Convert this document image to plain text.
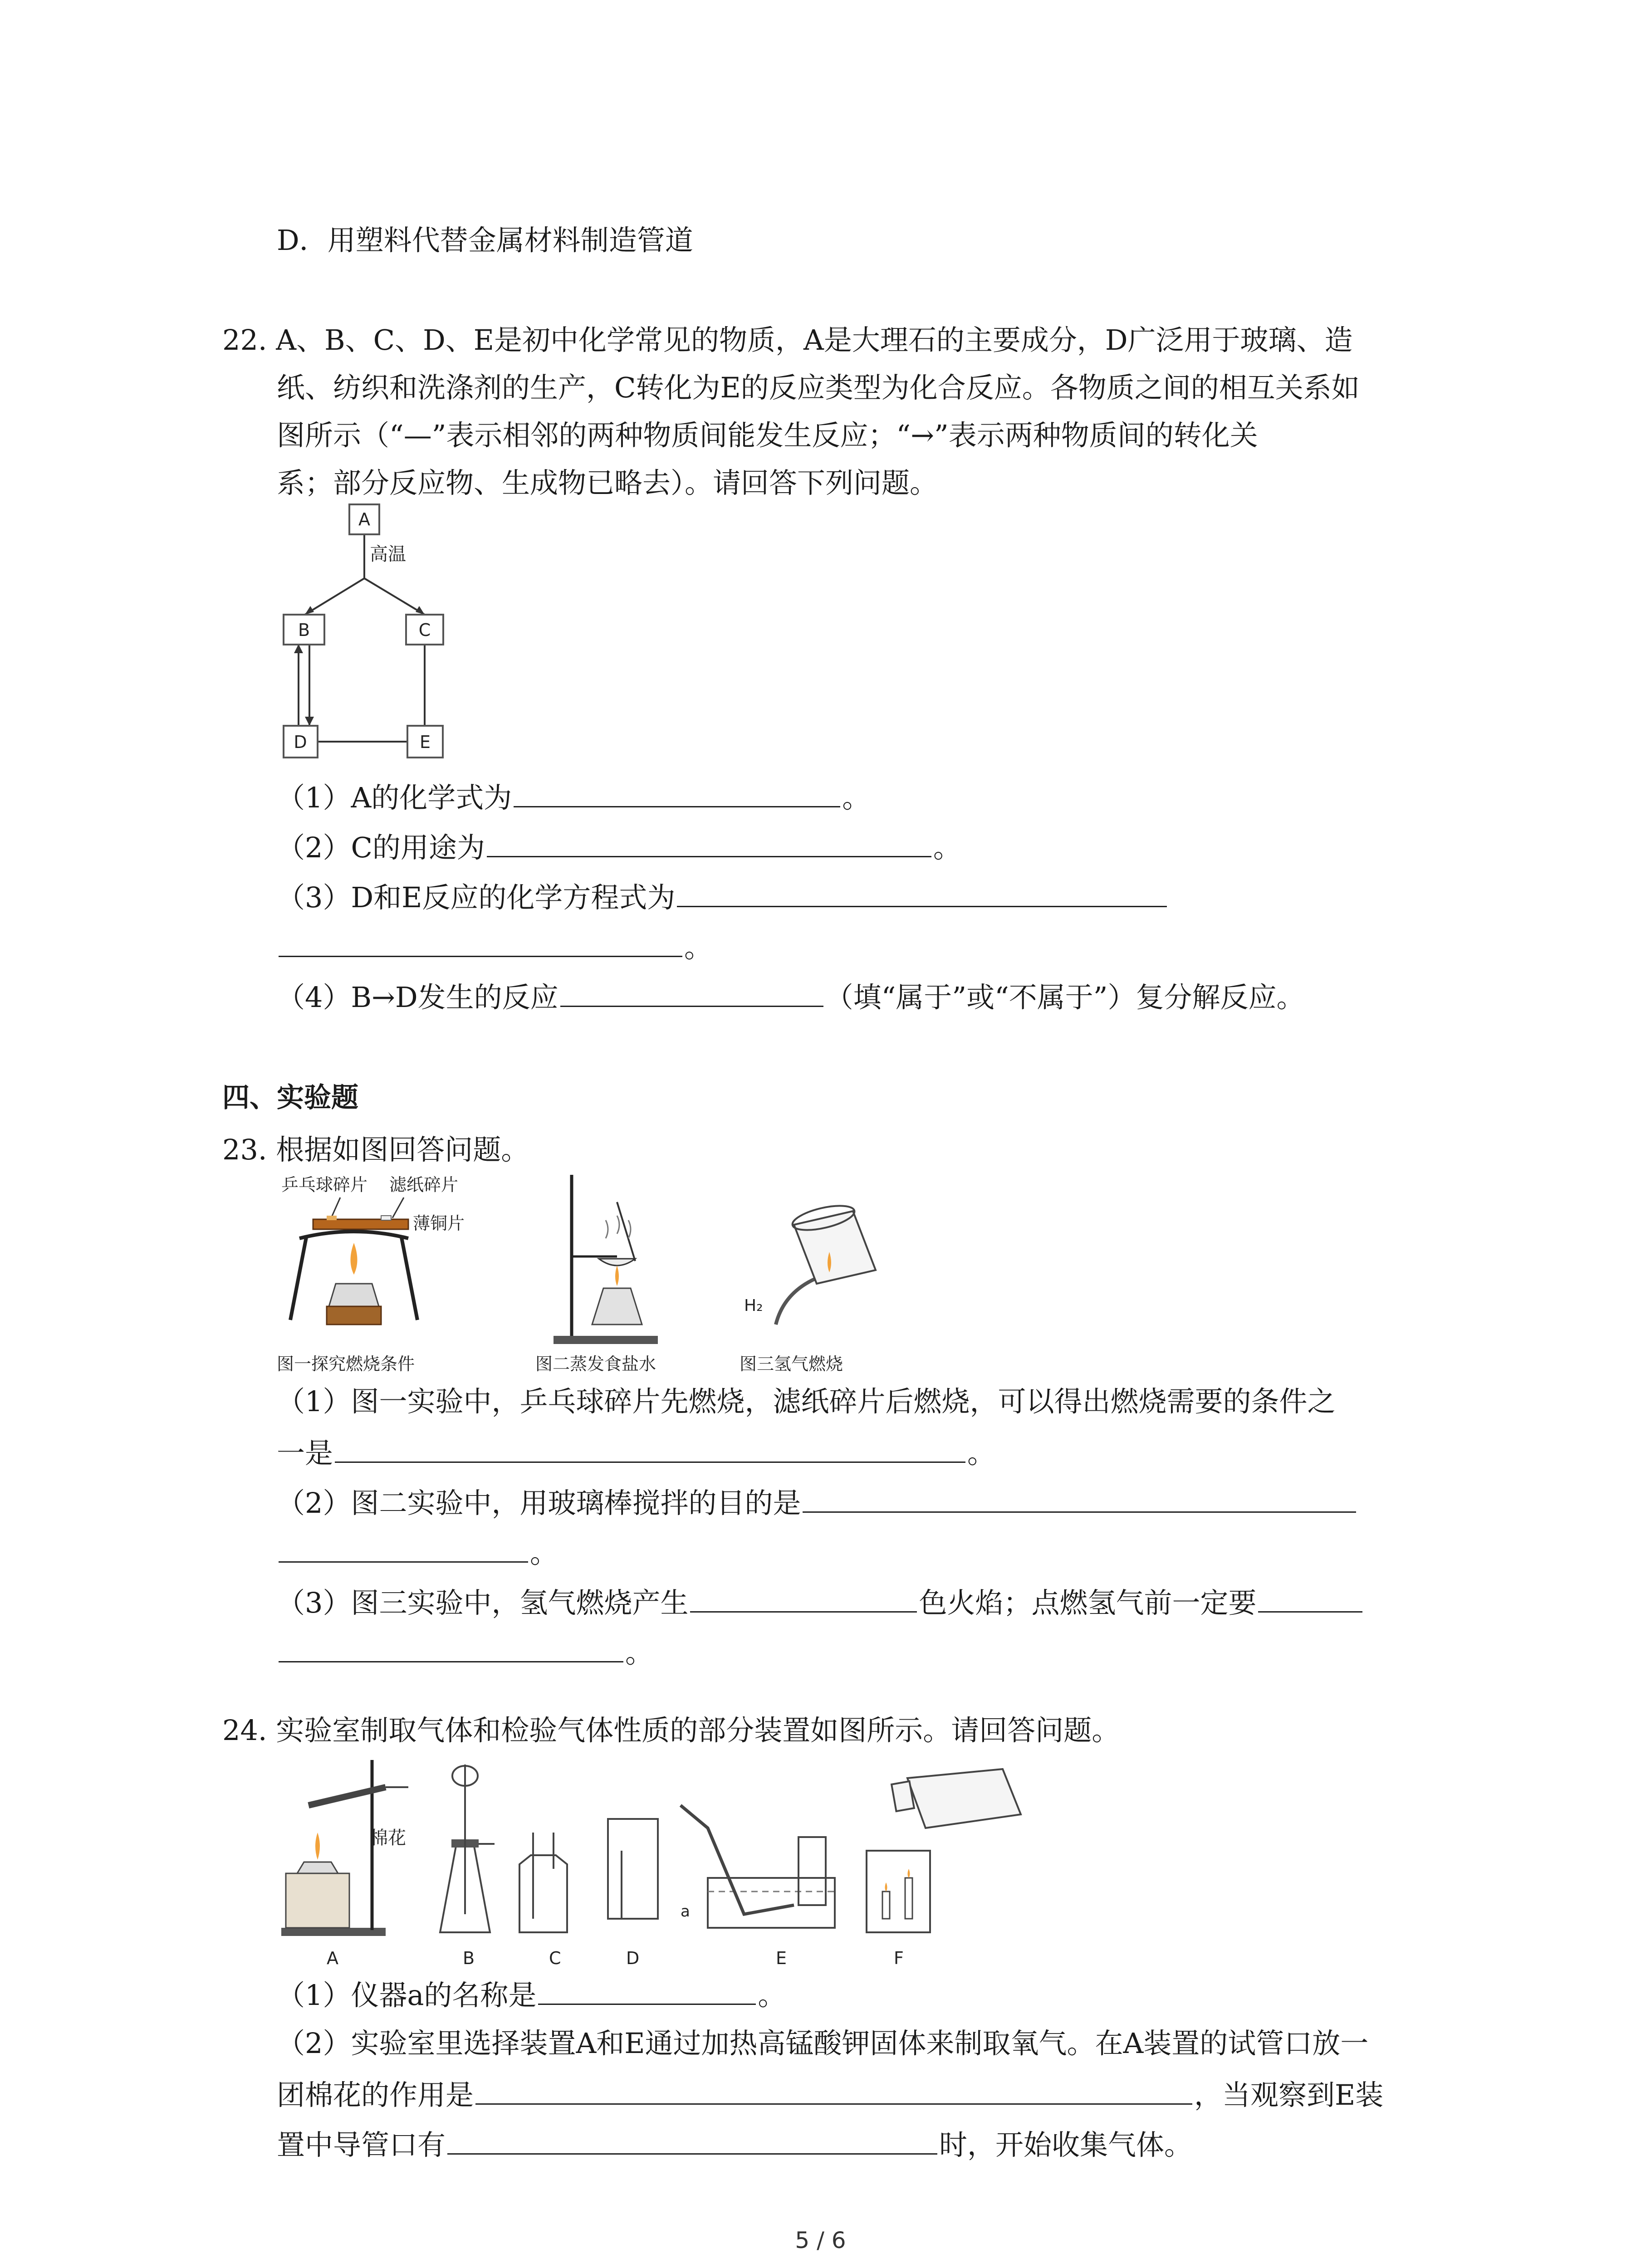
D．用塑料代替金属材料制造管道
22. A、B、C、D、E是初中化学常见的物质，A是大理石的主要成分，D广泛用于玻璃、造
纸、纺织和洗涤剂的生产，C转化为E的反应类型为化合反应。各物质之间的相互关系如
图所示（“—”表示相邻的两种物质间能发生反应；“→”表示两种物质间的转化关
系；部分反应物、生成物已略去）。请回答下列问题。
A
高温
B	C
D	E
（1）A的化学式为	。
（2）C的用途为	。
（3）D和E反应的化学方程式为
。
（4）B→D发生的反应	（填“属于”或“不属于”）复分解反应。
四、实验题
23. 根据如图回答问题。
乒乓球碎片 滤纸碎片
薄铜片
图一探究燃烧条件	图二蒸发食盐水
H₂
图三氢气燃烧
（1）图一实验中，乒乓球碎片先燃烧，滤纸碎片后燃烧，可以得出燃烧需要的条件之
一是	。
（2）图二实验中，用玻璃棒搅拌的目的是
。
（3）图三实验中，氢气燃烧产生	色火焰；点燃氢气前一定要
。
24. 实验室制取气体和检验气体性质的部分装置如图所示。请回答问题。
棉花
A	B	C	D
a
E	F
（1）仪器a的名称是	。
（2）实验室里选择装置A和E通过加热高锰酸钾固体来制取氧气。在A装置的试管口放一
团棉花的作用是	，当观察到E装
置中导管口有	时，开始收集气体。
5 / 6
